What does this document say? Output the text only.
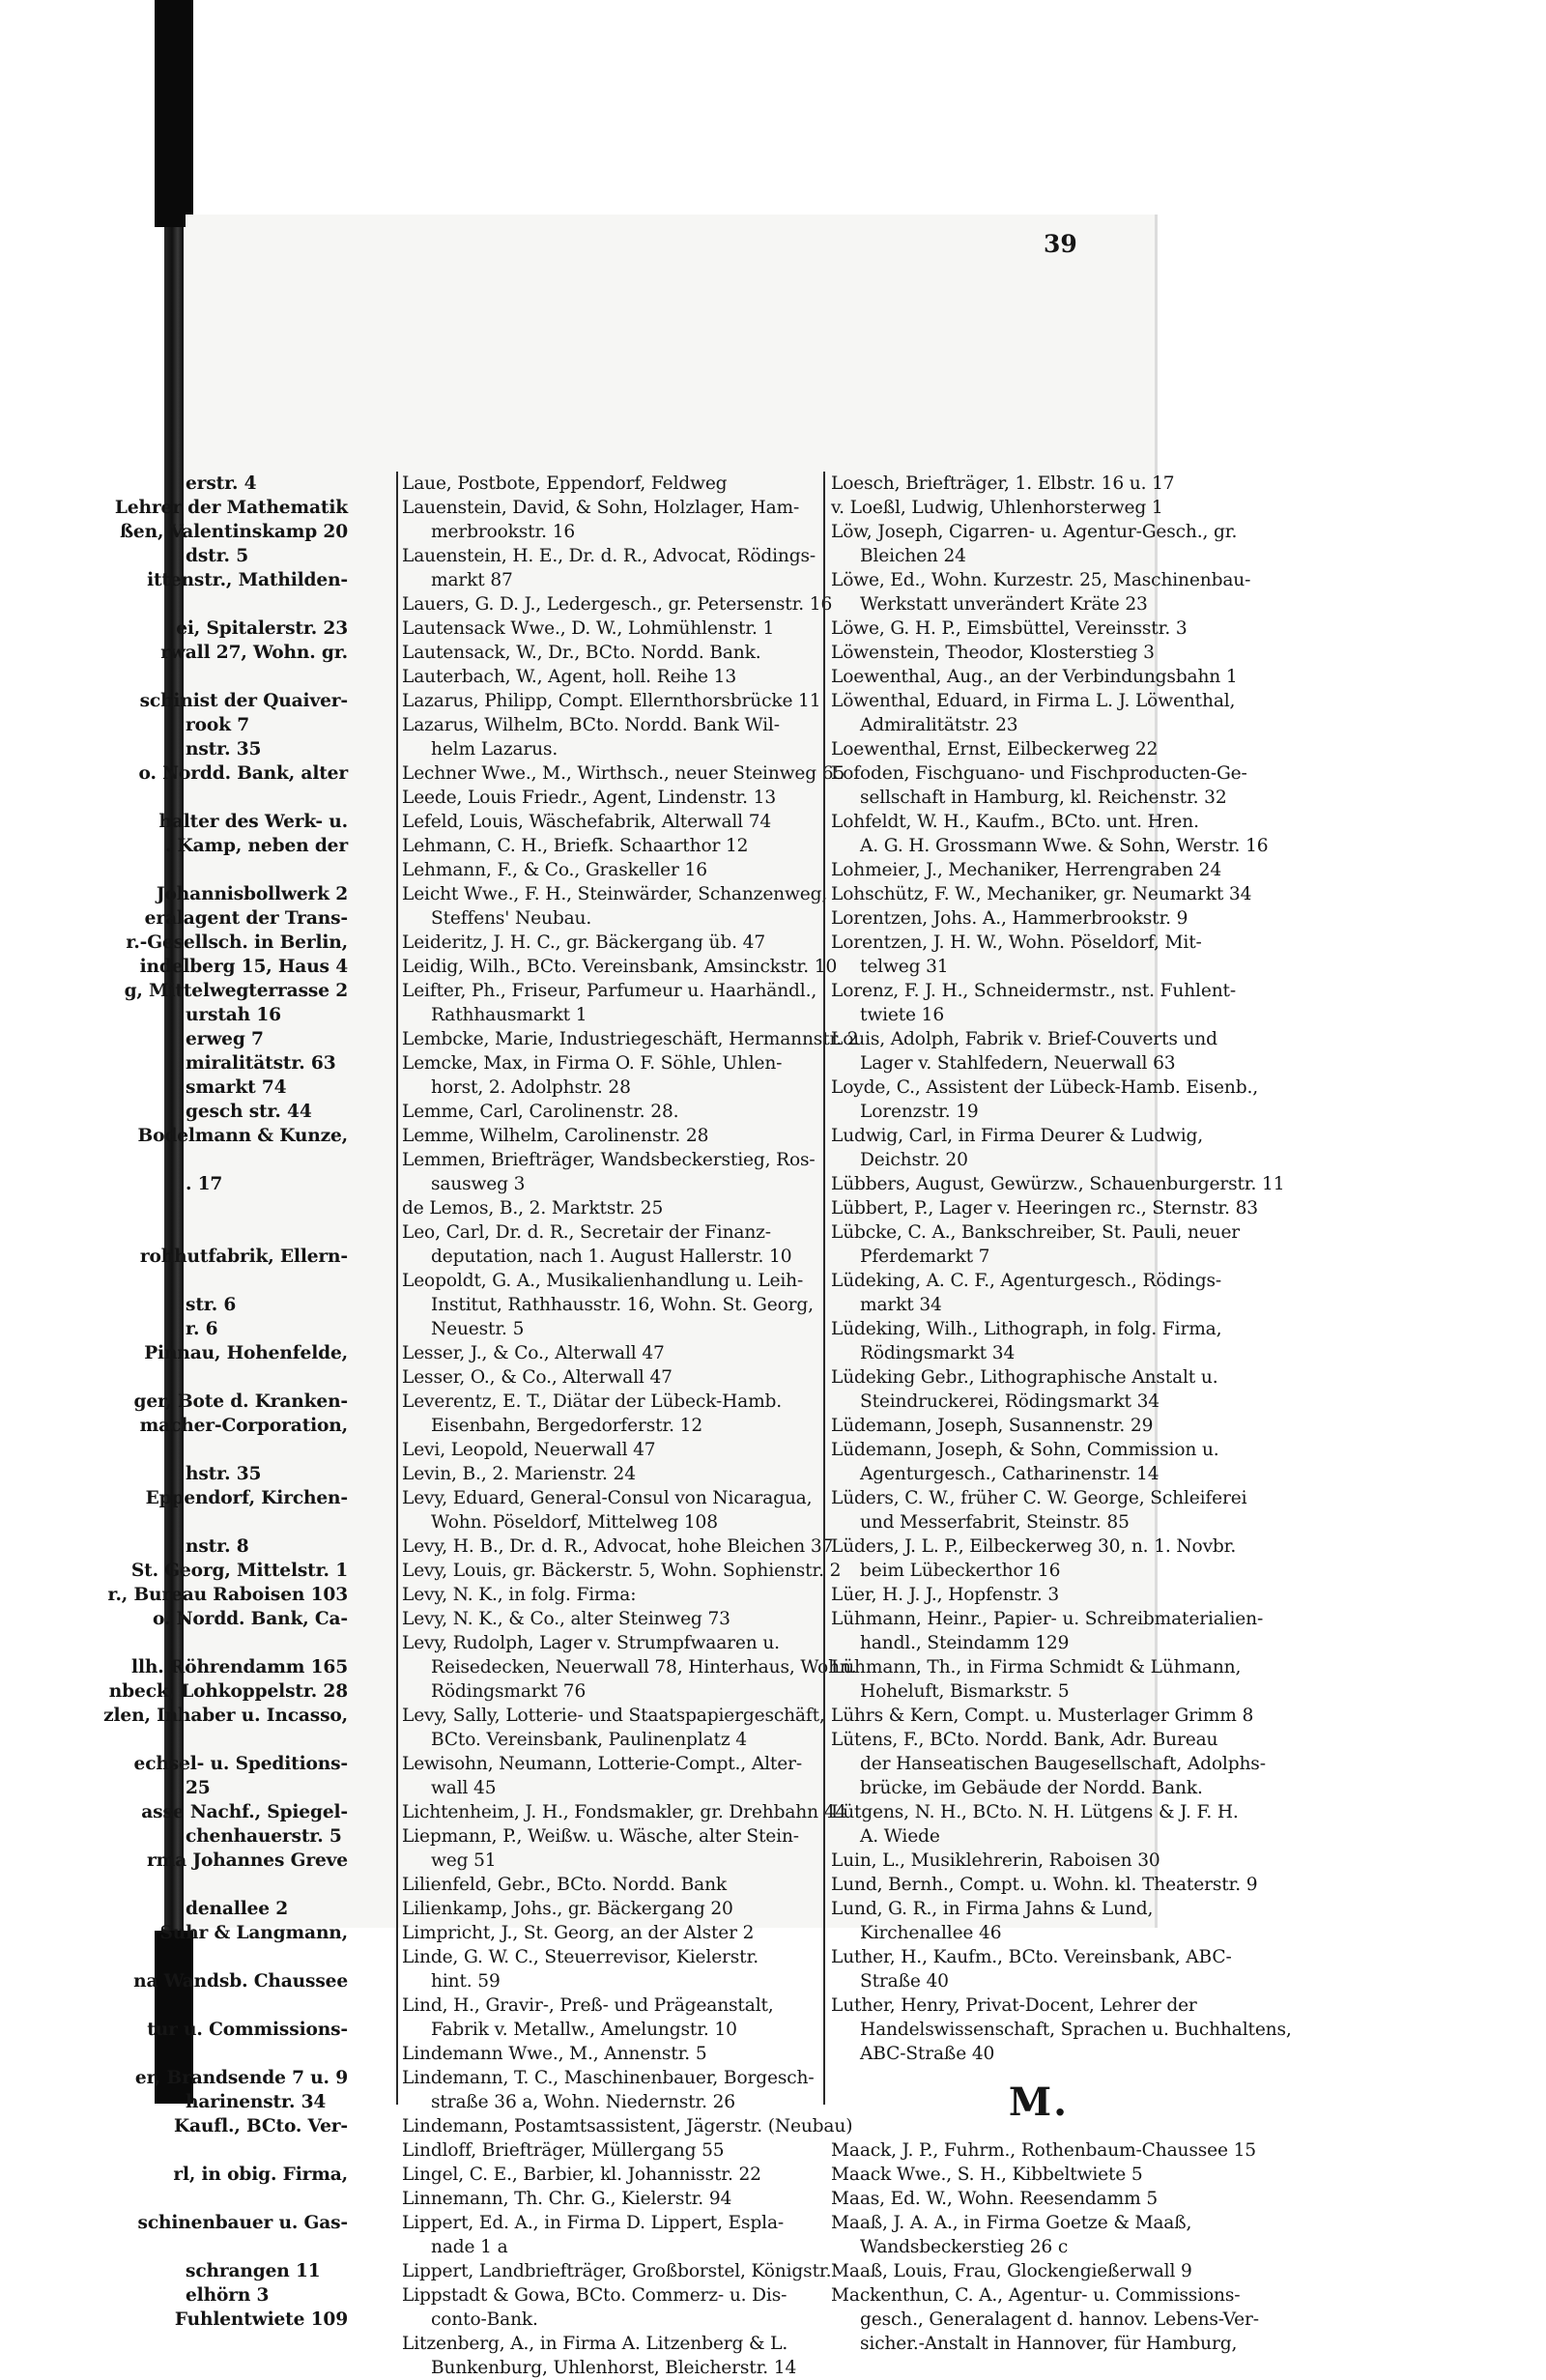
erstr. 4
Lehrer der Mathematik
ßen, Valentinskamp 20
dstr. 5
ittenstr., Mathilden-

ei, Spitalerstr. 23
rwall 27, Wohn. gr.

schinist der Quaiver-
rook 7
nstr. 35
o. Nordd. Bank, alter

halter des Werk- u.
. Kamp, neben der

Johannisbollwerk 2
eralagent der Trans-
r.-Gesellsch. in Berlin,
indelberg 15, Haus 4
g, Mittelwegterrasse 2
urstah 16
erweg 7
miralitätstr. 63
smarkt 74
gesch str. 44
Bodelmann & Kunze,

. 17

rohhutfabrik, Ellern-

str. 6
r. 6
Pinnau, Hohenfelde,

ger, Bote d. Kranken-
macher-Corporation,

hstr. 35
Eppendorf, Kirchen-

nstr. 8
St. Georg, Mittelstr. 1
r., Bureau Raboisen 103
o. Nordd. Bank, Ca-

llh. Röhrendamm 165
nbeck, Lohkoppelstr. 28
zlen, Inhaber u. Incasso,

echsel- u. Speditions-
25
asse Nachf., Spiegel-
chenhauerstr. 5
rma Johannes Greve

denallee 2
Suhr & Langmann,

na Wandsb. Chaussee

tur u. Commissions-

er, Brandsende 7 u. 9
harinenstr. 34
Kaufl., BCto. Ver-

rl, in obig. Firma,

schinenbauer u. Gas-

schrangen 11
elhörn 3
Fuhlentwiete 109
Laue, Postbote, Eppendorf, Feldweg
Lauenstein, David, & Sohn, Holzlager, Ham-
merbrookstr. 16
Lauenstein, H. E., Dr. d. R., Advocat, Rödings-
markt 87
Lauers, G. D. J., Ledergesch., gr. Petersenstr. 16
Lautensack Wwe., D. W., Lohmühlenstr. 1
Lautensack, W., Dr., BCto. Nordd. Bank.
Lauterbach, W., Agent, holl. Reihe 13
Lazarus, Philipp, Compt. Ellernthorsbrücke 11
Lazarus, Wilhelm, BCto. Nordd. Bank Wil-
helm Lazarus.
Lechner Wwe., M., Wirthsch., neuer Steinweg 65
Leede, Louis Friedr., Agent, Lindenstr. 13
Lefeld, Louis, Wäschefabrik, Alterwall 74
Lehmann, C. H., Briefk. Schaarthor 12
Lehmann, F., & Co., Graskeller 16
Leicht Wwe., F. H., Steinwärder, Schanzenweg,
Steffens' Neubau.
Leideritz, J. H. C., gr. Bäckergang üb. 47
Leidig, Wilh., BCto. Vereinsbank, Amsinckstr. 10
Leifter, Ph., Friseur, Parfumeur u. Haarhändl.,
Rathhausmarkt 1
Lembcke, Marie, Industriegeschäft, Hermannstr. 2
Lemcke, Max, in Firma O. F. Söhle, Uhlen-
horst, 2. Adolphstr. 28
Lemme, Carl, Carolinenstr. 28.
Lemme, Wilhelm, Carolinenstr. 28
Lemmen, Briefträger, Wandsbeckerstieg, Ros-
sausweg 3
de Lemos, B., 2. Marktstr. 25
Leo, Carl, Dr. d. R., Secretair der Finanz-
deputation, nach 1. August Hallerstr. 10
Leopoldt, G. A., Musikalienhandlung u. Leih-
Institut, Rathhausstr. 16, Wohn. St. Georg,
Neuestr. 5
Lesser, J., & Co., Alterwall 47
Lesser, O., & Co., Alterwall 47
Leverentz, E. T., Diätar der Lübeck-Hamb.
Eisenbahn, Bergedorferstr. 12
Levi, Leopold, Neuerwall 47
Levin, B., 2. Marienstr. 24
Levy, Eduard, General-Consul von Nicaragua,
Wohn. Pöseldorf, Mittelweg 108
Levy, H. B., Dr. d. R., Advocat, hohe Bleichen 37
Levy, Louis, gr. Bäckerstr. 5, Wohn. Sophienstr. 2
Levy, N. K., in folg. Firma:
Levy, N. K., & Co., alter Steinweg 73
Levy, Rudolph, Lager v. Strumpfwaaren u.
Reisedecken, Neuerwall 78, Hinterhaus, Wohn.
Rödingsmarkt 76
Levy, Sally, Lotterie- und Staatspapiergeschäft,
BCto. Vereinsbank, Paulinenplatz 4
Lewisohn, Neumann, Lotterie-Compt., Alter-
wall 45
Lichtenheim, J. H., Fondsmakler, gr. Drehbahn 44
Liepmann, P., Weißw. u. Wäsche, alter Stein-
weg 51
Lilienfeld, Gebr., BCto. Nordd. Bank
Lilienkamp, Johs., gr. Bäckergang 20
Limpricht, J., St. Georg, an der Alster 2
Linde, G. W. C., Steuerrevisor, Kielerstr.
hint. 59
Lind, H., Gravir-, Preß- und Prägeanstalt,
Fabrik v. Metallw., Amelungstr. 10
Lindemann Wwe., M., Annenstr. 5
Lindemann, T. C., Maschinenbauer, Borgesch-
straße 36 a, Wohn. Niedernstr. 26
Lindemann, Postamtsassistent, Jägerstr. (Neubau)
Lindloff, Briefträger, Müllergang 55
Lingel, C. E., Barbier, kl. Johannisstr. 22
Linnemann, Th. Chr. G., Kielerstr. 94
Lippert, Ed. A., in Firma D. Lippert, Espla-
nade 1 a
Lippert, Landbriefträger, Großborstel, Königstr.
Lippstadt & Gowa, BCto. Commerz- u. Dis-
conto-Bank.
Litzenberg, A., in Firma A. Litzenberg & L.
Bunkenburg, Uhlenhorst, Bleicherstr. 14
Loesch, Briefträger, 1. Elbstr. 16 u. 17
v. Loeßl, Ludwig, Uhlenhorsterweg 1
Löw, Joseph, Cigarren- u. Agentur-Gesch., gr.
Bleichen 24
Löwe, Ed., Wohn. Kurzestr. 25, Maschinenbau-
Werkstatt unverändert Kräte 23
Löwe, G. H. P., Eimsbüttel, Vereinsstr. 3
Löwenstein, Theodor, Klosterstieg 3
Loewenthal, Aug., an der Verbindungsbahn 1
Löwenthal, Eduard, in Firma L. J. Löwenthal,
Admiralitätstr. 23
Loewenthal, Ernst, Eilbeckerweg 22
Lofoden, Fischguano- und Fischproducten-Ge-
sellschaft in Hamburg, kl. Reichenstr. 32
Lohfeldt, W. H., Kaufm., BCto. unt. Hren.
A. G. H. Grossmann Wwe. & Sohn, Werstr. 16
Lohmeier, J., Mechaniker, Herrengraben 24
Lohschütz, F. W., Mechaniker, gr. Neumarkt 34
Lorentzen, Johs. A., Hammerbrookstr. 9
Lorentzen, J. H. W., Wohn. Pöseldorf, Mit-
telweg 31
Lorenz, F. J. H., Schneidermstr., nst. Fuhlent-
twiete 16
Louis, Adolph, Fabrik v. Brief-Couverts und
Lager v. Stahlfedern, Neuerwall 63
Loyde, C., Assistent der Lübeck-Hamb. Eisenb.,
Lorenzstr. 19
Ludwig, Carl, in Firma Deurer & Ludwig,
Deichstr. 20
Lübbers, August, Gewürzw., Schauenburgerstr. 11
Lübbert, P., Lager v. Heeringen rc., Sternstr. 83
Lübcke, C. A., Bankschreiber, St. Pauli, neuer
Pferdemarkt 7
Lüdeking, A. C. F., Agenturgesch., Rödings-
markt 34
Lüdeking, Wilh., Lithograph, in folg. Firma,
Rödingsmarkt 34
Lüdeking Gebr., Lithographische Anstalt u.
Steindruckerei, Rödingsmarkt 34
Lüdemann, Joseph, Susannenstr. 29
Lüdemann, Joseph, & Sohn, Commission u.
Agenturgesch., Catharinenstr. 14
Lüders, C. W., früher C. W. George, Schleiferei
und Messerfabrit, Steinstr. 85
Lüders, J. L. P., Eilbeckerweg 30, n. 1. Novbr.
beim Lübeckerthor 16
Lüer, H. J. J., Hopfenstr. 3
Lühmann, Heinr., Papier- u. Schreibmaterialien-
handl., Steindamm 129
Lühmann, Th., in Firma Schmidt & Lühmann,
Hoheluft, Bismarkstr. 5
Lührs & Kern, Compt. u. Musterlager Grimm 8
Lütens, F., BCto. Nordd. Bank, Adr. Bureau
der Hanseatischen Baugesellschaft, Adolphs-
brücke, im Gebäude der Nordd. Bank.
Lütgens, N. H., BCto. N. H. Lütgens & J. F. H.
A. Wiede
Luin, L., Musiklehrerin, Raboisen 30
Lund, Bernh., Compt. u. Wohn. kl. Theaterstr. 9
Lund, G. R., in Firma Jahns & Lund,
Kirchenallee 46
Luther, H., Kaufm., BCto. Vereinsbank, ABC-
Straße 40
Luther, Henry, Privat-Docent, Lehrer der
Handelswissenschaft, Sprachen u. Buchhaltens,
ABC-Straße 40
M.
Maack, J. P., Fuhrm., Rothenbaum-Chaussee 15
Maack Wwe., S. H., Kibbeltwiete 5
Maas, Ed. W., Wohn. Reesendamm 5
Maaß, J. A. A., in Firma Goetze & Maaß,
Wandsbeckerstieg 26 c
Maaß, Louis, Frau, Glockengießerwall 9
Mackenthun, C. A., Agentur- u. Commissions-
gesch., Generalagent d. hannov. Lebens-Ver-
sicher.-Anstalt in Hannover, für Hamburg,
39
